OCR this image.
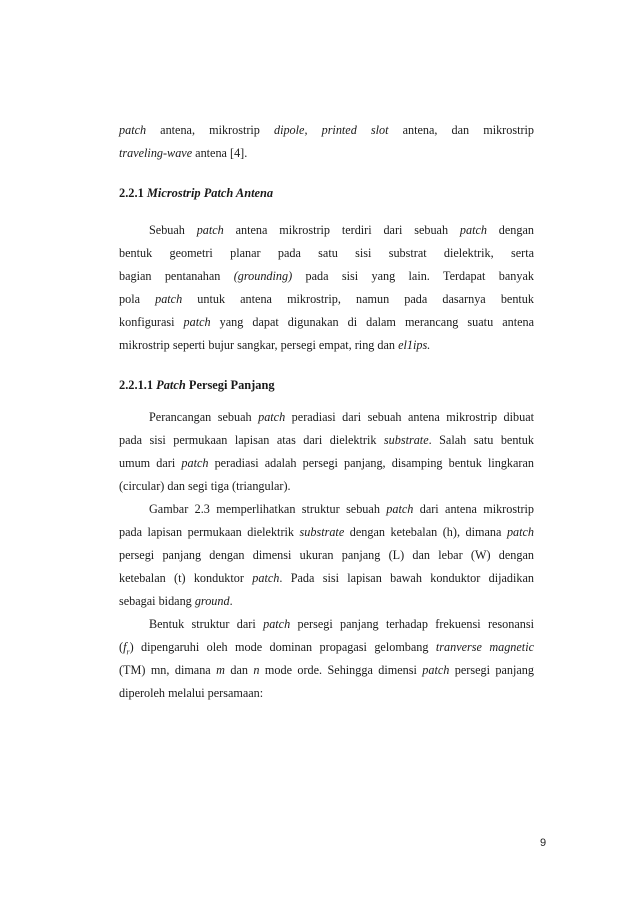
patch antena, mikrostrip dipole, printed slot antena, dan mikrostrip
traveling-wave antena [4].
2.2.1 Microstrip Patch Antena
Sebuah patch antena mikrostrip terdiri dari sebuah patch dengan
bentuk geometri planar pada satu sisi substrat dielektrik, serta
bagian pentanahan (grounding) pada sisi yang lain. Terdapat banyak
pola patch untuk antena mikrostrip, namun pada dasarnya bentuk
konfigurasi patch yang dapat digunakan di dalam merancang suatu antena
mikrostrip seperti bujur sangkar, persegi empat, ring dan el1ips.
2.2.1.1 Patch Persegi Panjang
Perancangan sebuah patch peradiasi dari sebuah antena mikrostrip dibuat
pada sisi permukaan lapisan atas dari dielektrik substrate. Salah satu bentuk
umum dari patch peradiasi adalah persegi panjang, disamping bentuk lingkaran
(circular) dan segi tiga (triangular).
Gambar 2.3 memperlihatkan struktur sebuah patch dari antena mikrostrip
pada lapisan permukaan dielektrik substrate dengan ketebalan (h), dimana patch
persegi panjang dengan dimensi ukuran panjang (L) dan lebar (W) dengan
ketebalan (t) konduktor patch. Pada sisi lapisan bawah konduktor dijadikan
sebagai bidang ground.
Bentuk struktur dari patch persegi panjang terhadap frekuensi resonansi
$(f_r)$ dipengaruhi oleh mode dominan propagasi gelombang tranverse magnetic
(TM) mn, dimana m dan n mode orde. Sehingga dimensi patch persegi panjang
diperoleh melalui persamaan:
9
